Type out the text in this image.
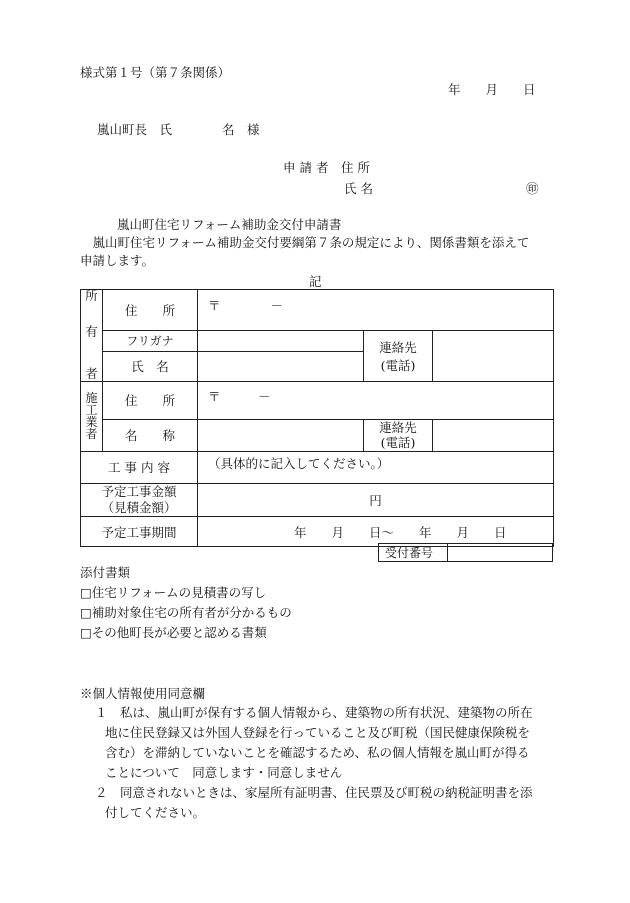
様式第１号（第７条関係）
年　　月　　日
嵐山町長　氏　　　　名　様
申 請 者　住 所
氏 名	㊞
嵐山町住宅リフォーム補助金交付申請書
　嵐山町住宅リフォーム補助金交付要綱第７条の規定により、関係書類を添えて
申請します。
記
所
有
者	住　　所	〒　　　　－		
	フリガナ		連絡先
(電話)	

	氏　名			

施
工
業
者	住　　所	〒　　　－		
	名　　称		連絡先
(電話)	

工 事 内 容		（具体的に記入してください。）		

予定工事金額
（見積金額）		円		
予定工事期間		年　　月　　日～　　年　　月　　日		
受付番号	
添付書類
□住宅リフォームの見積書の写し
□補助対象住宅の所有者が分かるもの
□その他町長が必要と認める書類
※個人情報使用同意欄
１　私は、嵐山町が保有する個人情報から、建築物の所有状況、建築物の所在
地に住民登録又は外国人登録を行っていること及び町税（国民健康保険税を
含む）を滞納していないことを確認するため、私の個人情報を嵐山町が得る
ことについて　同意します・同意しません
２　同意されないときは、家屋所有証明書、住民票及び町税の納税証明書を添
付してください。
